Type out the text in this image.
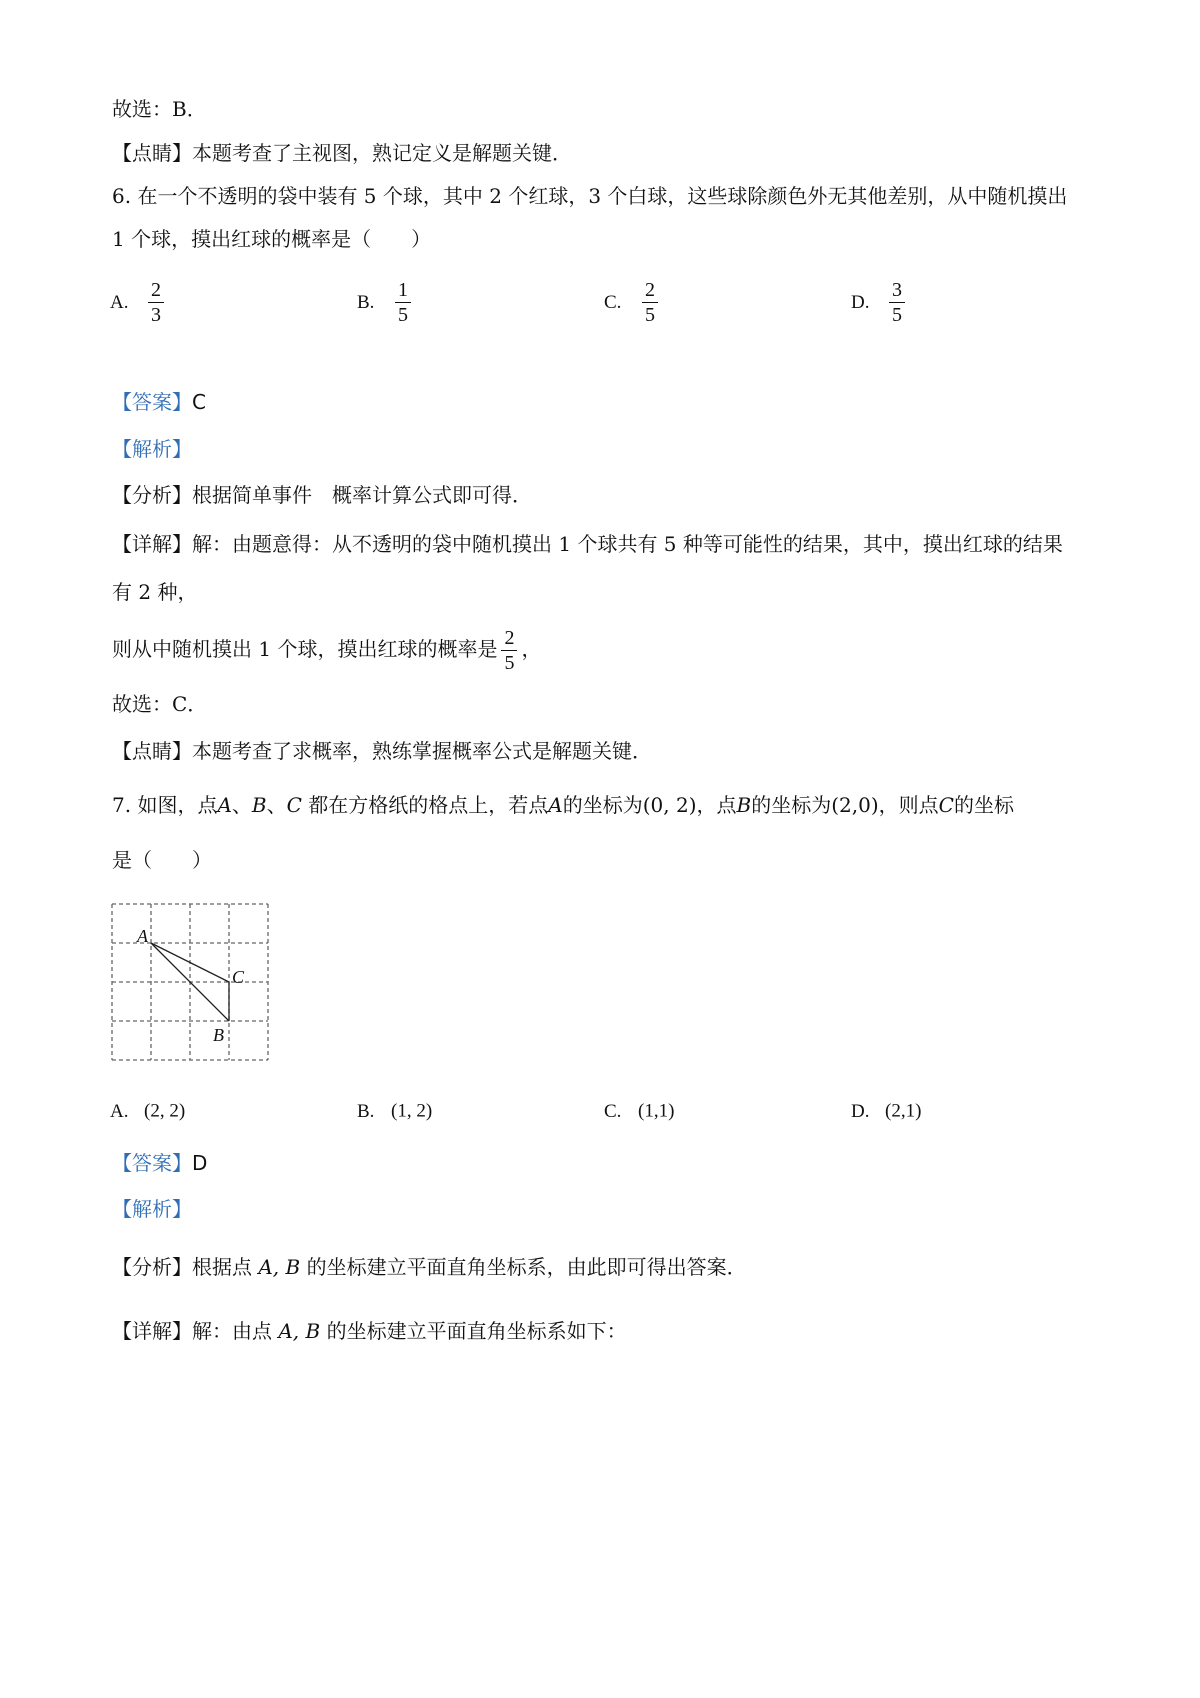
故选：B．
【点睛】本题考查了主视图，熟记定义是解题关键．
6. 在一个不透明的袋中装有 5 个球，其中 2 个红球，3 个白球，这些球除颜色外无其他差别，从中随机摸出
1 个球，摸出红球的概率是（　　）
A. $\frac{2}{3}$	B. $\frac{1}{5}$	C. $\frac{2}{5}$	D. $\frac{3}{5}$
【答案】C
【解析】
【分析】根据简单事件　概率计算公式即可得．
【详解】解：由题意得：从不透明的袋中随机摸出 1 个球共有 5 种等可能性的结果，其中，摸出红球的结果
有 2 种，
则从中随机摸出 1 个球，摸出红球的概率是 $\frac{2}{5}$ ，
故选：C．
【点睛】本题考查了求概率，熟练掌握概率公式是解题关键．
7. 如图，点A、B、C 都在方格纸的格点上，若点A的坐标为(0, 2)，点B的坐标为(2,0)，则点C的坐标
是（　　）
A
C
B
A. (2, 2)	B. (1, 2)	C. (1,1)	D. (2,1)
【答案】D
【解析】
【分析】根据点 A, B 的坐标建立平面直角坐标系，由此即可得出答案．
【详解】解：由点 A, B 的坐标建立平面直角坐标系如下：
